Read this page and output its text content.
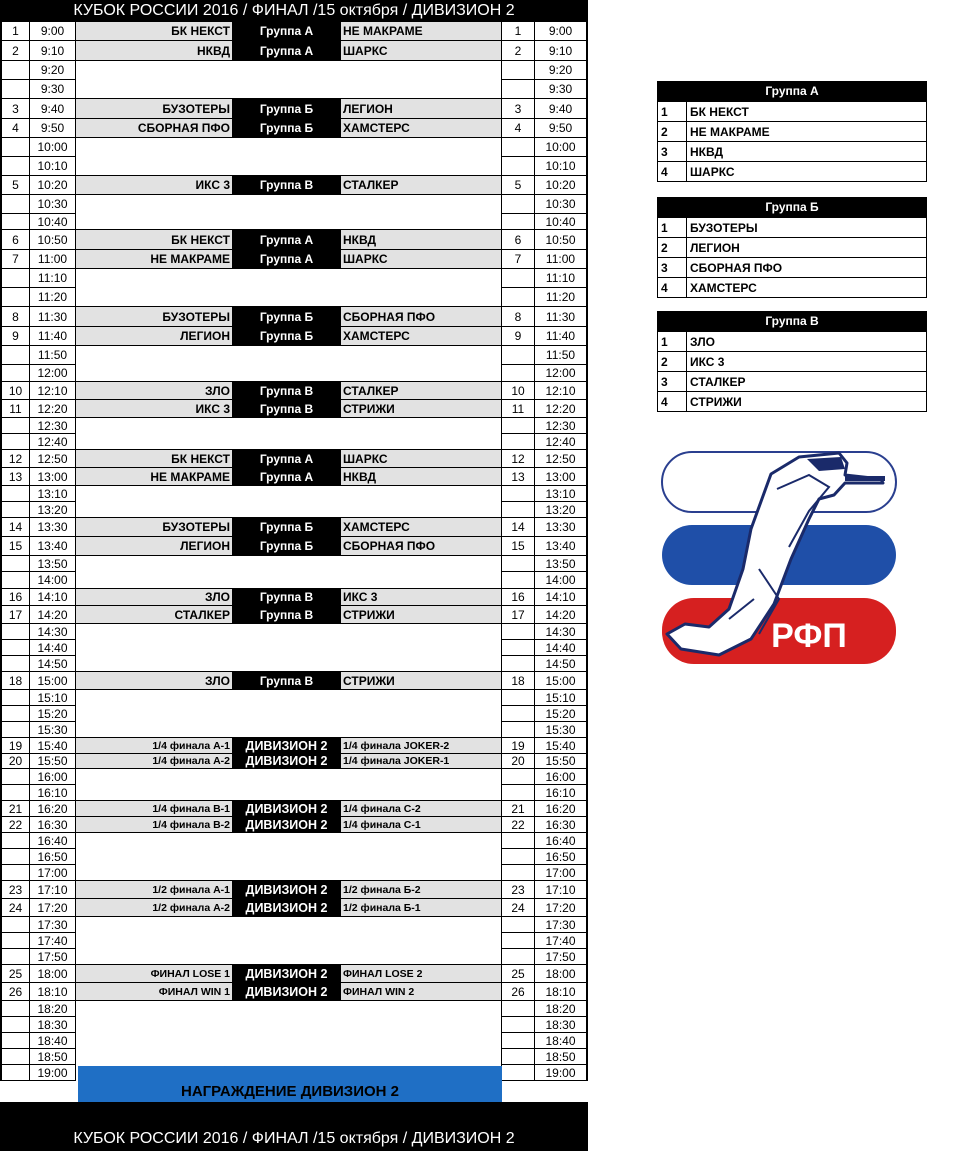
КУБОК РОССИИ 2016 / ФИНАЛ /15 октября / ДИВИЗИОН 2
1	9:00	БК НЕКСТ	Группа А	НЕ МАКРАМЕ	1	9:00
2	9:10	НКВД	Группа А	ШАРКС	2	9:10
9:20	9:20
9:30	9:30
3	9:40	БУЗОТЕРЫ	Группа Б	ЛЕГИОН	3	9:40
4	9:50	СБОРНАЯ ПФО	Группа Б	ХАМСТЕРС	4	9:50
10:00	10:00
10:10	10:10
5	10:20	ИКС 3	Группа В	СТАЛКЕР	5	10:20
10:30	10:30
10:40	10:40
6	10:50	БК НЕКСТ	Группа А	НКВД	6	10:50
7	11:00	НЕ МАКРАМЕ	Группа А	ШАРКС	7	11:00
11:10	11:10
11:20	11:20
8	11:30	БУЗОТЕРЫ	Группа Б	СБОРНАЯ ПФО	8	11:30
9	11:40	ЛЕГИОН	Группа Б	ХАМСТЕРС	9	11:40
11:50	11:50
12:00	12:00
10	12:10	ЗЛО	Группа В	СТАЛКЕР	10	12:10
11	12:20	ИКС 3	Группа В	СТРИЖИ	11	12:20
12:30	12:30
12:40	12:40
12	12:50	БК НЕКСТ	Группа А	ШАРКС	12	12:50
13	13:00	НЕ МАКРАМЕ	Группа А	НКВД	13	13:00
13:10	13:10
13:20	13:20
14	13:30	БУЗОТЕРЫ	Группа Б	ХАМСТЕРС	14	13:30
15	13:40	ЛЕГИОН	Группа Б	СБОРНАЯ ПФО	15	13:40
13:50	13:50
14:00	14:00
16	14:10	ЗЛО	Группа В	ИКС 3	16	14:10
17	14:20	СТАЛКЕР	Группа В	СТРИЖИ	17	14:20
14:30	14:30
14:40	14:40
14:50	14:50
18	15:00	ЗЛО	Группа В	СТРИЖИ	18	15:00
15:10	15:10
15:20	15:20
15:30	15:30
19	15:40	1/4 финала А-1	ДИВИЗИОН 2	1/4 финала JOKER-2	19	15:40
20	15:50	1/4 финала А-2	ДИВИЗИОН 2	1/4 финала JOKER-1	20	15:50
16:00	16:00
16:10	16:10
21	16:20	1/4 финала В-1	ДИВИЗИОН 2	1/4 финала С-2	21	16:20
22	16:30	1/4 финала В-2	ДИВИЗИОН 2	1/4 финала С-1	22	16:30
16:40	16:40
16:50	16:50
17:00	17:00
23	17:10	1/2 финала А-1	ДИВИЗИОН 2	1/2 финала Б-2	23	17:10
24	17:20	1/2 финала А-2	ДИВИЗИОН 2	1/2 финала Б-1	24	17:20
17:30	17:30
17:40	17:40
17:50	17:50
25	18:00	ФИНАЛ LOSE 1	ДИВИЗИОН 2	ФИНАЛ LOSE 2	25	18:00
26	18:10	ФИНАЛ WIN 1	ДИВИЗИОН 2	ФИНАЛ WIN 2	26	18:10
18:20	18:20
18:30	18:30
18:40	18:40
18:50	18:50
19:00	19:00
НАГРАЖДЕНИЕ ДИВИЗИОН 2
Группа А
1	БК НЕКСТ
2	НЕ МАКРАМЕ
3	НКВД
4	ШАРКС
Группа Б
1	БУЗОТЕРЫ
2	ЛЕГИОН
3	СБОРНАЯ ПФО
4	ХАМСТЕРС
Группа В
1	ЗЛО
2	ИКС 3
3	СТАЛКЕР
4	СТРИЖИ
РФП
КУБОК РОССИИ 2016 / ФИНАЛ /15 октября / ДИВИЗИОН 2
